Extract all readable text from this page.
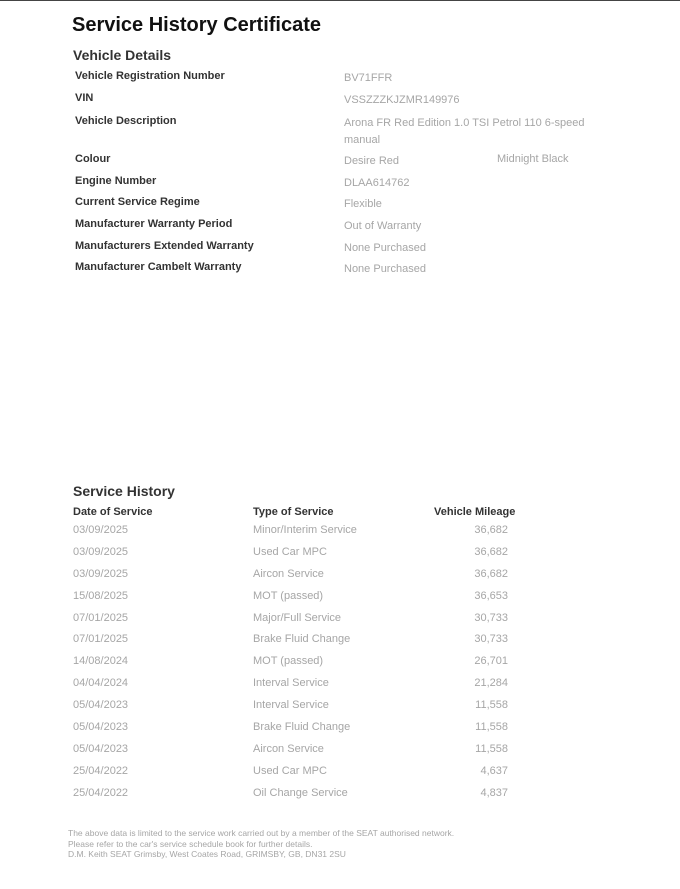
Service History Certificate
Vehicle Details
Vehicle Registration Number	BV71FFR
VIN	VSSZZZKJZMR149976
Vehicle Description	Arona FR Red Edition 1.0 TSI Petrol 110 6-speed manual
Colour	Desire Red	Midnight Black
Engine Number	DLAA614762
Current Service Regime	Flexible
Manufacturer Warranty Period	Out of Warranty
Manufacturers Extended Warranty	None Purchased
Manufacturer Cambelt Warranty	None Purchased
Service History
Date of Service	Type of Service	Vehicle Mileage
03/09/2025	Minor/Interim Service	36,682
03/09/2025	Used Car MPC	36,682
03/09/2025	Aircon Service	36,682
15/08/2025	MOT (passed)	36,653
07/01/2025	Major/Full Service	30,733
07/01/2025	Brake Fluid Change	30,733
14/08/2024	MOT (passed)	26,701
04/04/2024	Interval Service	21,284
05/04/2023	Interval Service	11,558
05/04/2023	Brake Fluid Change	11,558
05/04/2023	Aircon Service	11,558
25/04/2022	Used Car MPC	4,637
25/04/2022	Oil Change Service	4,837
The above data is limited to the service work carried out by a member of the SEAT authorised network.
Please refer to the car's service schedule book for further details.
D.M. Keith SEAT Grimsby, West Coates Road, GRIMSBY, GB, DN31 2SU
